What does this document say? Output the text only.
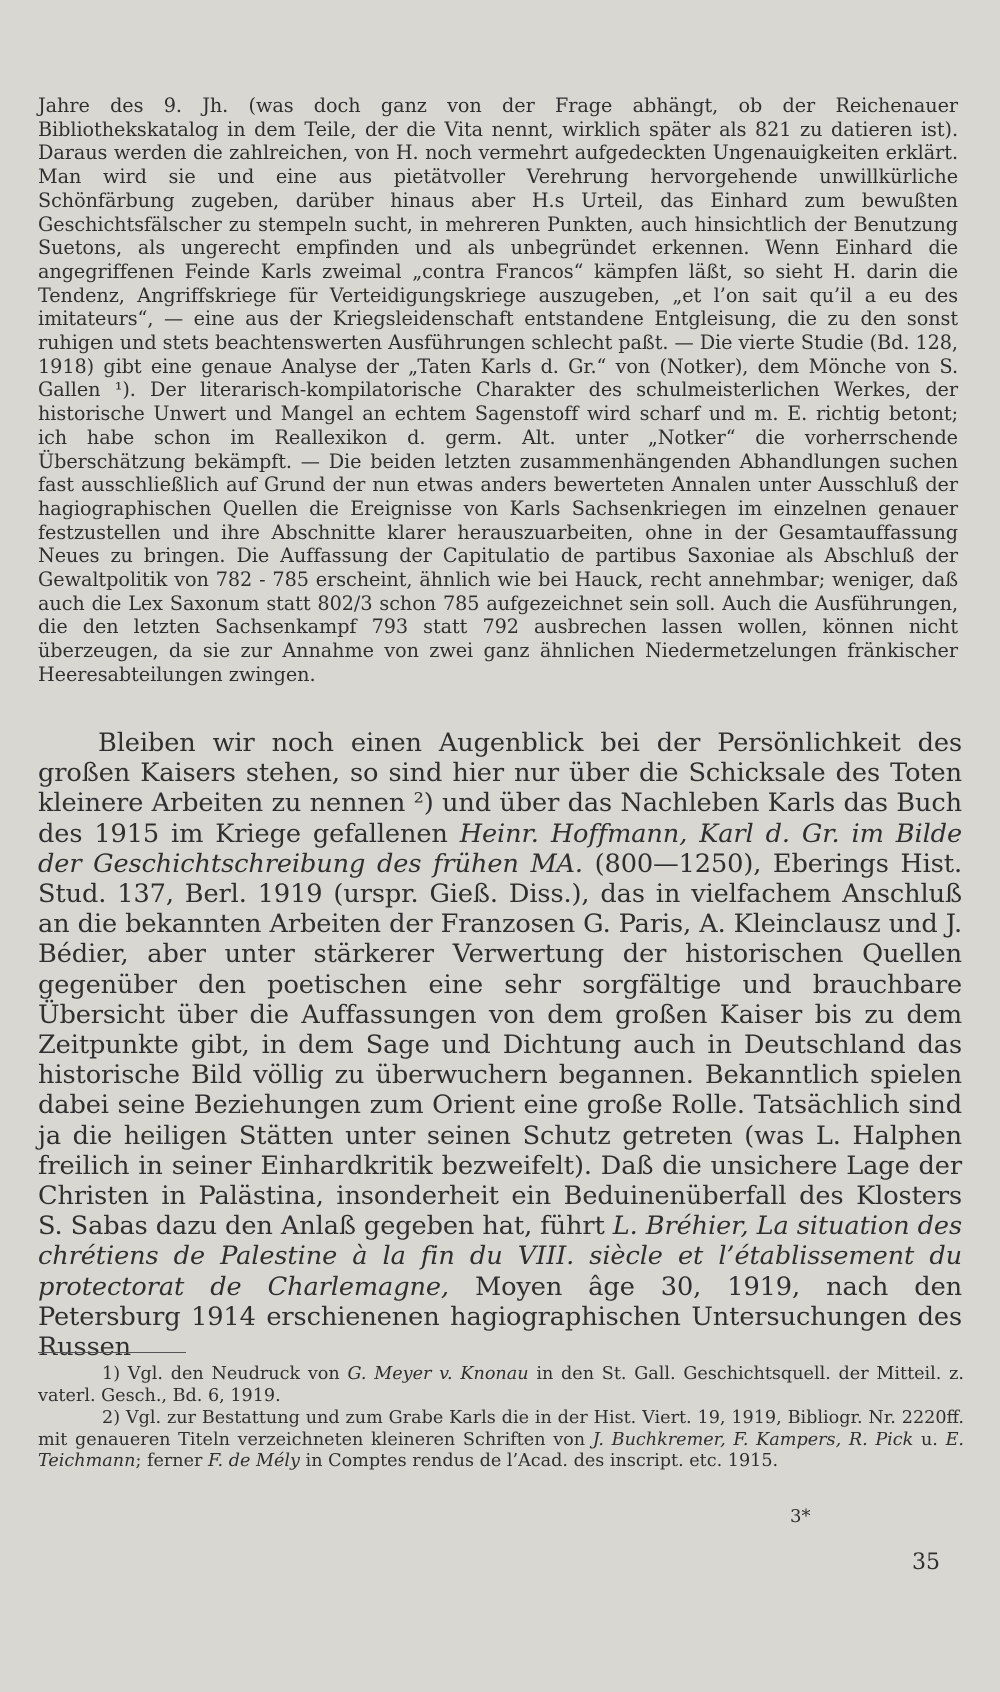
Jahre des 9. Jh. (was doch ganz von der Frage abhängt, ob der Reichenauer Bibliothekskatalog in dem Teile, der die Vita nennt, wirklich später als 821 zu datieren ist). Daraus werden die zahlreichen, von H. noch vermehrt aufgedeckten Ungenauigkeiten erklärt. Man wird sie und eine aus pietätvoller Verehrung hervorgehende unwillkürliche Schönfärbung zugeben, darüber hinaus aber H.s Urteil, das Einhard zum bewußten Geschichtsfälscher zu stempeln sucht, in mehreren Punkten, auch hinsichtlich der Benutzung Suetons, als ungerecht empfinden und als unbegründet erkennen. Wenn Einhard die angegriffenen Feinde Karls zweimal „contra Francos“ kämpfen läßt, so sieht H. darin die Tendenz, Angriffskriege für Verteidigungskriege auszugeben, „et l’on sait qu’il a eu des imitateurs“, — eine aus der Kriegsleidenschaft entstandene Entgleisung, die zu den sonst ruhigen und stets beachtenswerten Ausführungen schlecht paßt. — Die vierte Studie (Bd. 128, 1918) gibt eine genaue Analyse der „Taten Karls d. Gr.“ von (Notker), dem Mönche von S. Gallen ¹). Der literarisch-kompilatorische Charakter des schulmeisterlichen Werkes, der historische Unwert und Mangel an echtem Sagenstoff wird scharf und m. E. richtig betont; ich habe schon im Reallexikon d. germ. Alt. unter „Notker“ die vorherrschende Überschätzung bekämpft. — Die beiden letzten zusammenhängenden Abhandlungen suchen fast ausschließlich auf Grund der nun etwas anders bewerteten Annalen unter Ausschluß der hagiographischen Quellen die Ereignisse von Karls Sachsenkriegen im einzelnen genauer festzustellen und ihre Abschnitte klarer herauszuarbeiten, ohne in der Gesamtauffassung Neues zu bringen. Die Auffassung der Capitulatio de partibus Saxoniae als Abschluß der Gewaltpolitik von 782 - 785 erscheint, ähnlich wie bei Hauck, recht annehmbar; weniger, daß auch die Lex Saxonum statt 802/3 schon 785 aufgezeichnet sein soll. Auch die Ausführungen, die den letzten Sachsenkampf 793 statt 792 ausbrechen lassen wollen, können nicht überzeugen, da sie zur Annahme von zwei ganz ähnlichen Niedermetzelungen fränkischer Heeresabteilungen zwingen.

Bleiben wir noch einen Augenblick bei der Persönlichkeit des großen Kaisers stehen, so sind hier nur über die Schicksale des Toten kleinere Arbeiten zu nennen ²) und über das Nachleben Karls das Buch des 1915 im Kriege gefallenen Heinr. Hoffmann, Karl d. Gr. im Bilde der Geschichtschreibung des frühen MA. (800—1250), Eberings Hist. Stud. 137, Berl. 1919 (urspr. Gieß. Diss.), das in vielfachem Anschluß an die bekannten Arbeiten der Franzosen G. Paris, A. Kleinclausz und J. Bédier, aber unter stärkerer Verwertung der historischen Quellen gegenüber den poetischen eine sehr sorgfältige und brauchbare Übersicht über die Auffassungen von dem großen Kaiser bis zu dem Zeitpunkte gibt, in dem Sage und Dichtung auch in Deutschland das historische Bild völlig zu überwuchern begannen. Bekanntlich spielen dabei seine Beziehungen zum Orient eine große Rolle. Tatsächlich sind ja die heiligen Stätten unter seinen Schutz getreten (was L. Halphen freilich in seiner Einhardkritik bezweifelt). Daß die unsichere Lage der Christen in Palästina, insonderheit ein Beduinenüberfall des Klosters S. Sabas dazu den Anlaß gegeben hat, führt L. Bréhier, La situation des chrétiens de Palestine à la fin du VIII. siècle et l’établissement du protectorat de Charlemagne, Moyen âge 30, 1919, nach den Petersburg 1914 erschienenen hagiographischen Untersuchungen des Russen

1) Vgl. den Neudruck von G. Meyer v. Knonau in den St. Gall. Geschichtsquell. der Mitteil. z. vaterl. Gesch., Bd. 6, 1919.

2) Vgl. zur Bestattung und zum Grabe Karls die in der Hist. Viert. 19, 1919, Bibliogr. Nr. 2220ff. mit genaueren Titeln verzeichneten kleineren Schriften von J. Buchkremer, F. Kampers, R. Pick u. E. Teichmann; ferner F. de Mély in Comptes rendus de l’Acad. des inscript. etc. 1915.

3*
35
